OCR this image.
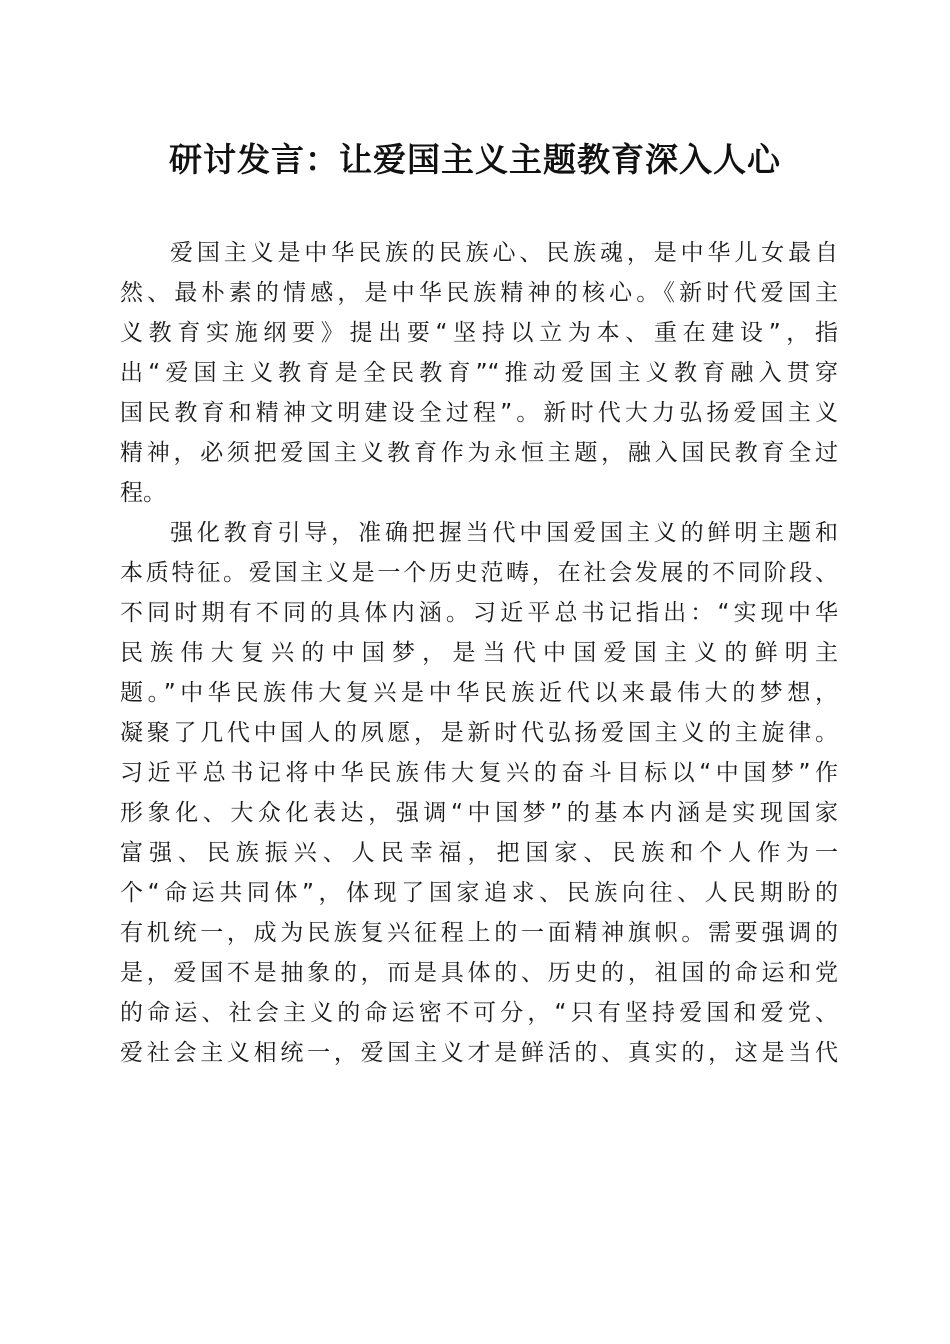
研讨发言：让爱国主义主题教育深入人心
爱国主义是中华民族的民族心、民族魂，是中华儿女最自
然、最朴素的情感，是中华民族精神的核心。《新时代爱国主
义教育实施纲要》提出要“坚持以立为本、重在建设”，指
出“爱国主义教育是全民教育”“推动爱国主义教育融入贯穿
国民教育和精神文明建设全过程”。新时代大力弘扬爱国主义
精神，必须把爱国主义教育作为永恒主题，融入国民教育全过
程。
强化教育引导，准确把握当代中国爱国主义的鲜明主题和
本质特征。爱国主义是一个历史范畴，在社会发展的不同阶段、
不同时期有不同的具体内涵。习近平总书记指出：“实现中华
民族伟大复兴的中国梦，是当代中国爱国主义的鲜明主
题。”中华民族伟大复兴是中华民族近代以来最伟大的梦想，
凝聚了几代中国人的夙愿，是新时代弘扬爱国主义的主旋律。
习近平总书记将中华民族伟大复兴的奋斗目标以“中国梦”作
形象化、大众化表达，强调“中国梦”的基本内涵是实现国家
富强、民族振兴、人民幸福，把国家、民族和个人作为一
个“命运共同体”，体现了国家追求、民族向往、人民期盼的
有机统一，成为民族复兴征程上的一面精神旗帜。需要强调的
是，爱国不是抽象的，而是具体的、历史的，祖国的命运和党
的命运、社会主义的命运密不可分，“只有坚持爱国和爱党、
爱社会主义相统一，爱国主义才是鲜活的、真实的，这是当代
